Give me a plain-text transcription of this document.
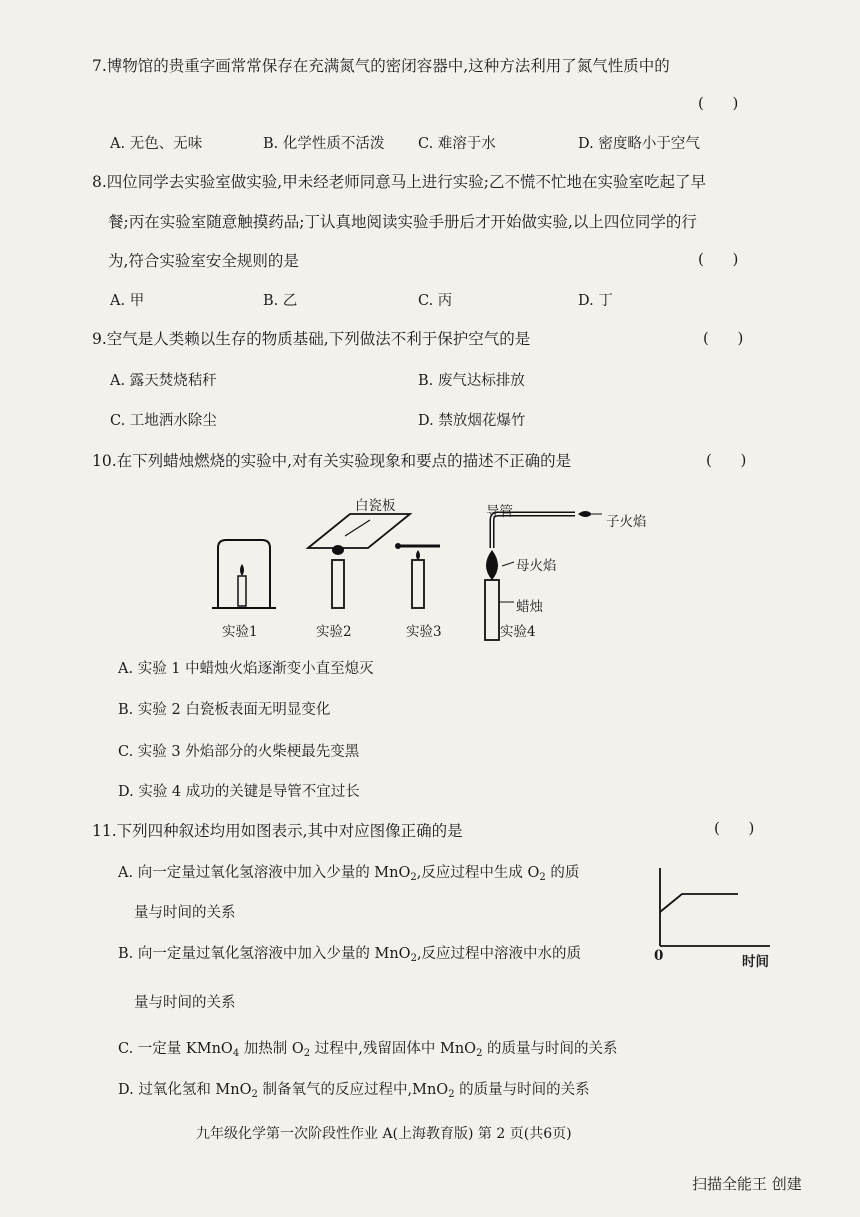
7.博物馆的贵重字画常常保存在充满氮气的密闭容器中,这种方法利用了氮气性质中的
(      )
A. 无色、无味	B. 化学性质不活泼 C. 难溶于水	D. 密度略小于空气
8.四位同学去实验室做实验,甲未经老师同意马上进行实验;乙不慌不忙地在实验室吃起了早
餐;丙在实验室随意触摸药品;丁认真地阅读实验手册后才开始做实验,以上四位同学的行
为,符合实验室安全规则的是	(      )
A. 甲	B. 乙	C. 丙	D. 丁
9.空气是人类赖以生存的物质基础,下列做法不利于保护空气的是	(      )
A. 露天焚烧秸秆	B. 废气达标排放
C. 工地洒水除尘	D. 禁放烟花爆竹
10.在下列蜡烛燃烧的实验中,对有关实验现象和要点的描述不正确的是	(      )
白瓷板	导管
子火焰
母火焰
蜡烛
实验1	实验2	实验3	实验4
A. 实验 1 中蜡烛火焰逐渐变小直至熄灭
B. 实验 2 白瓷板表面无明显变化
C. 实验 3 外焰部分的火柴梗最先变黑
D. 实验 4 成功的关键是导管不宜过长
11.下列四种叙述均用如图表示,其中对应图像正确的是	(      )
A. 向一定量过氧化氢溶液中加入少量的 MnO$_2$,反应过程中生成 $O_2$ 的质
量与时间的关系
B. 向一定量过氧化氢溶液中加入少量的 MnO$_2$,反应过程中溶液中水的质
量与时间的关系
C. 一定量 KMnO$_4$ 加热制 $O_2$ 过程中,残留固体中 MnO$_2$ 的质量与时间的关系
D. 过氧化氢和 MnO$_2$ 制备氧气的反应过程中,MnO$_2$ 的质量与时间的关系
0	时间
九年级化学第一次阶段性作业 A(上海教育版) 第 2 页(共6页)
扫描全能王 创建
